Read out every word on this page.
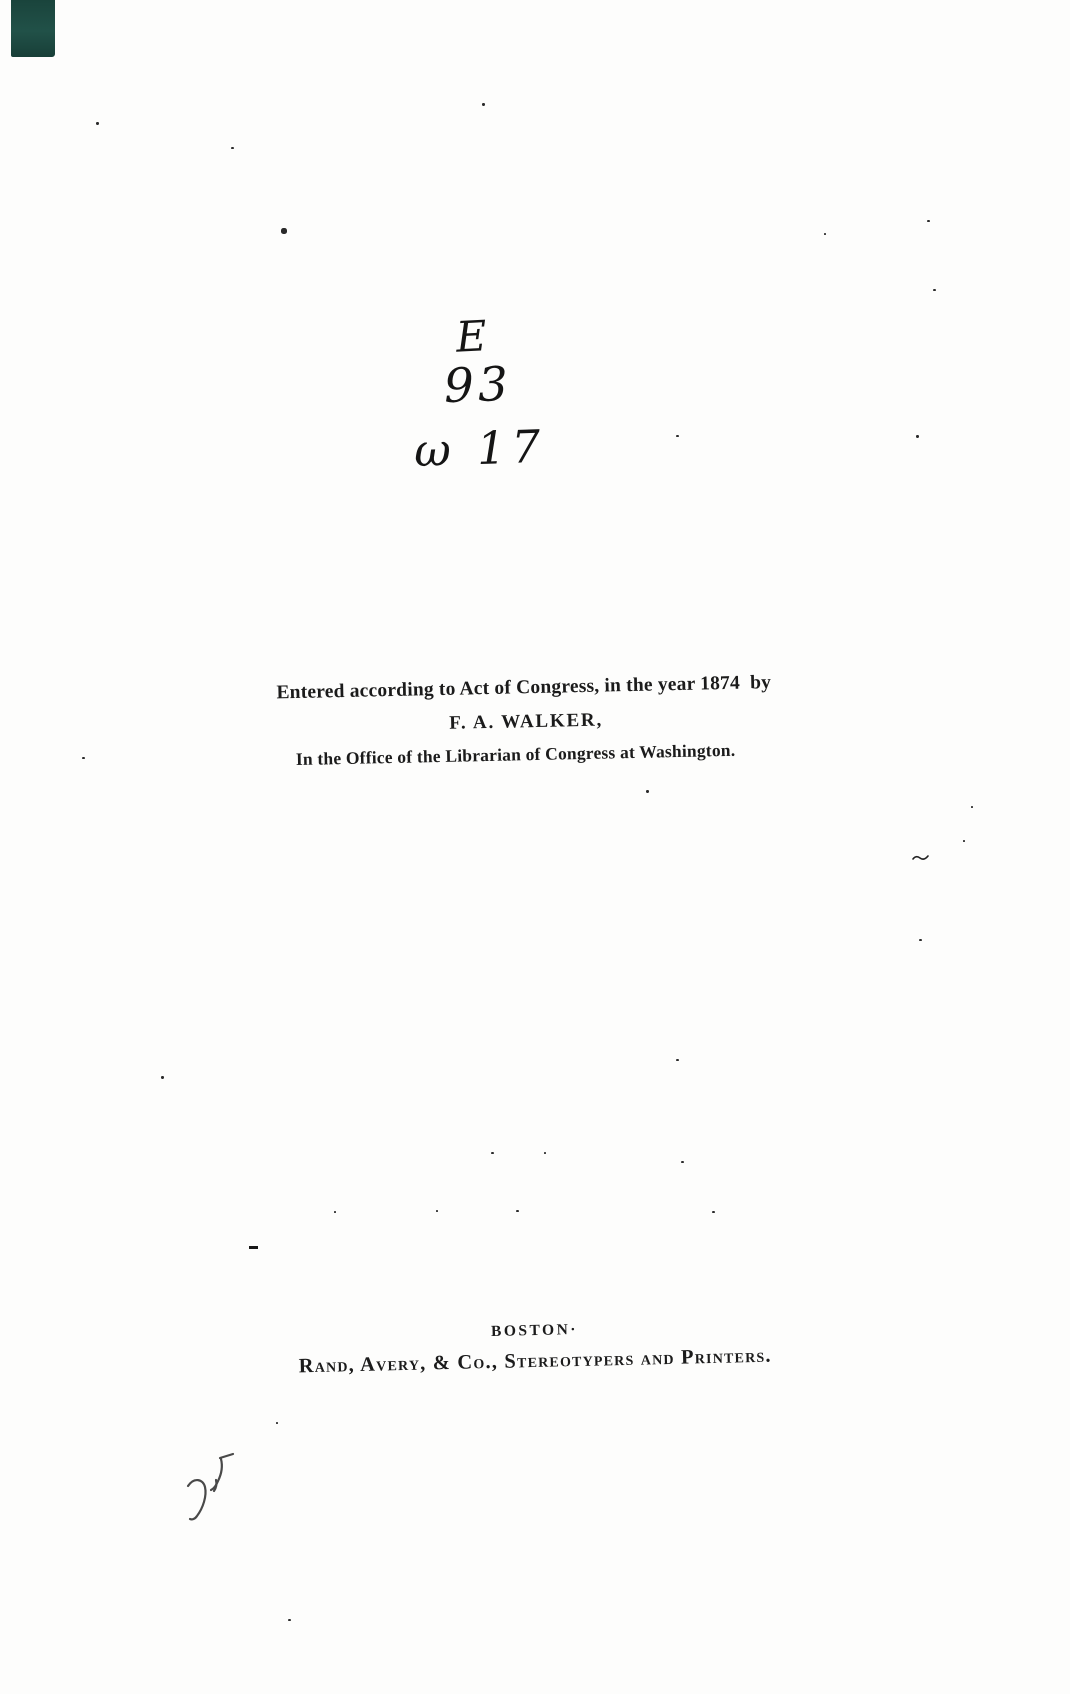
E
93
ω 17
Entered according to Act of Congress, in the year 1874  by
F. A. WALKER,
In the Office of the Librarian of Congress at Washington.
BOSTON·
Rand, Avery, & Co., Stereotypers and Printers.
